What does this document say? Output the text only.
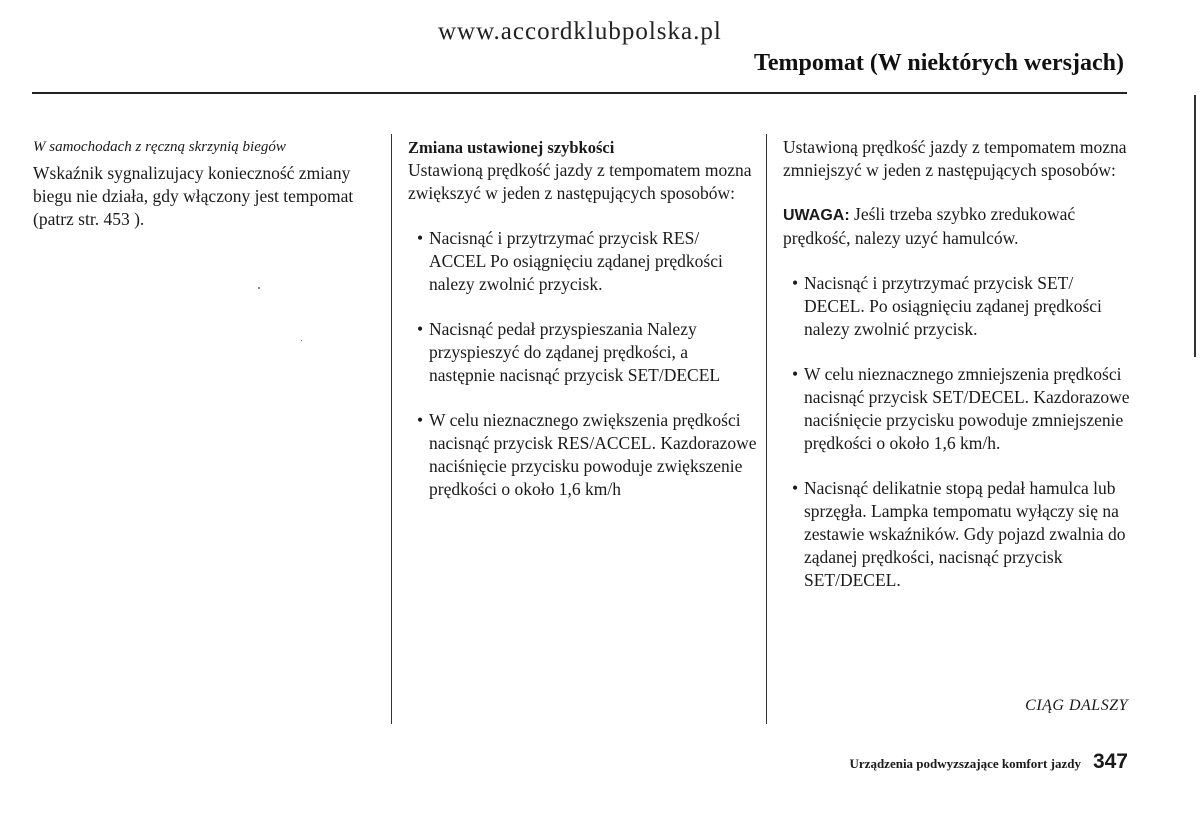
www.accordklubpolska.pl
Tempomat (W niektórych wersjach)

W samochodach z ręczną skrzynią biegów

Wskaźnik sygnalizujacy konieczność zmiany biegu nie działa, gdy włączony jest tempomat (patrz str. 453 ).

Zmiana ustawionej szybkości

Ustawioną prędkość jazdy z tempomatem mozna zwiększyć w jeden z następujących sposobów:

• Nacisnąć i przytrzymać przycisk RES/ ACCEL Po osiągnięciu ządanej prędkości nalezy zwolnić przycisk.

• Nacisnąć pedał przyspieszania Nalezy przyspieszyć do ządanej prędkości, a następnie nacisnąć przycisk SET/DECEL

• W celu nieznacznego zwiększenia prędkości nacisnąć przycisk RES/ACCEL. Kazdorazowe naciśnięcie przycisku powoduje zwiększenie prędkości o około 1,6 km/h

Ustawioną prędkość jazdy z tempomatem mozna zmniejszyć w jeden z następujących sposobów:

UWAGA: Jeśli trzeba szybko zredukować prędkość, nalezy uzyć hamulców.

• Nacisnąć i przytrzymać przycisk SET/ DECEL. Po osiągnięciu ządanej prędkości nalezy zwolnić przycisk.

• W celu nieznacznego zmniejszenia prędkości nacisnąć przycisk SET/DECEL. Kazdorazowe naciśnięcie przycisku powoduje zmniejszenie prędkości o około 1,6 km/h.

• Nacisnąć delikatnie stopą pedał hamulca lub sprzęgła. Lampka tempomatu wyłączy się na zestawie wskaźników. Gdy pojazd zwalnia do ządanej prędkości, nacisnąć przycisk SET/DECEL.

CIĄG DALSZY
Urządzenia podwyzszające komfort jazdy 347
